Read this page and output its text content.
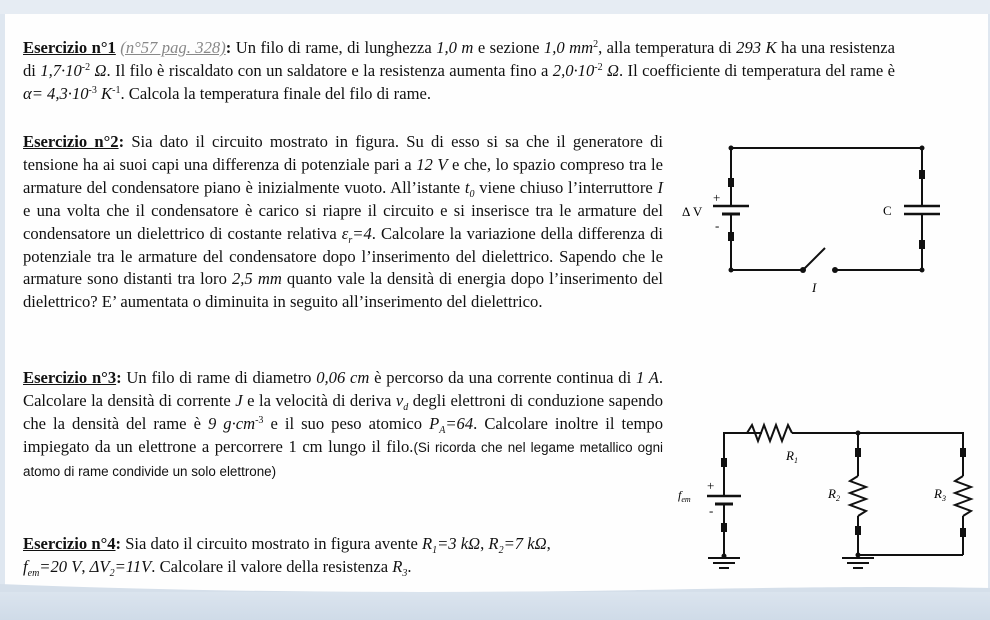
Esercizio n°1 (n°57 pag. 328): Un filo di rame, di lunghezza 1,0 m e sezione 1,0 $mm^2$, alla temperatura di 293 K ha una resistenza di $1,7\cdot 10^{-2}$ Ω. Il filo è riscaldato con un saldatore e la resistenza aumenta fino a $2,0\cdot 10^{-2}$ Ω. Il coefficiente di temperatura del rame è $\alpha= 4,3\cdot 10^{-3}$ $K^{-1}$. Calcola la temperatura finale del filo di rame.
Esercizio n°2: Sia dato il circuito mostrato in figura. Su di esso si sa che il generatore di tensione ha ai suoi capi una differenza di potenziale pari a 12 V e che, lo spazio compreso tra le armature del condensatore piano è inizialmente vuoto. All’istante $t_0$ viene chiuso l’interruttore I e una volta che il condensatore è carico si riapre il circuito e si inserisce tra le armature del condensatore un dielettrico di costante relativa $\varepsilon_r=4$. Calcolare la variazione della differenza di potenziale tra le armature del condensatore dopo l’inserimento del dielettrico. Sapendo che le armature sono distanti tra loro 2,5 mm quanto vale la densità di energia dopo l’inserimento del dielettrico? E’ aumentata o diminuita in seguito all’inserimento del dielettrico.
Esercizio n°3: Un filo di rame di diametro 0,06 cm è percorso da una corrente continua di 1 A. Calcolare la densità di corrente J e la velocità di deriva $v_d$ degli elettroni di conduzione sapendo che la densità del rame è 9 $g\cdot cm^{-3}$ e il suo peso atomico $P_A=64$. Calcolare inoltre il tempo impiegato da un elettrone a percorrere 1 cm lungo il filo.(Si ricorda che nel legame metallico ogni atomo di rame condivide un solo elettrone)
Esercizio n°4: Sia dato il circuito mostrato in figura avente $R_1=3$ kΩ, $R_2=7$ kΩ,
$f_{em}=20$ V, $\Delta V_2=11V$. Calcolare il valore della resistenza $R_3$.
+
-
Δ V	C
I
+
-
$f_{em}$
$R_1$
$R_2$	$R_3$
